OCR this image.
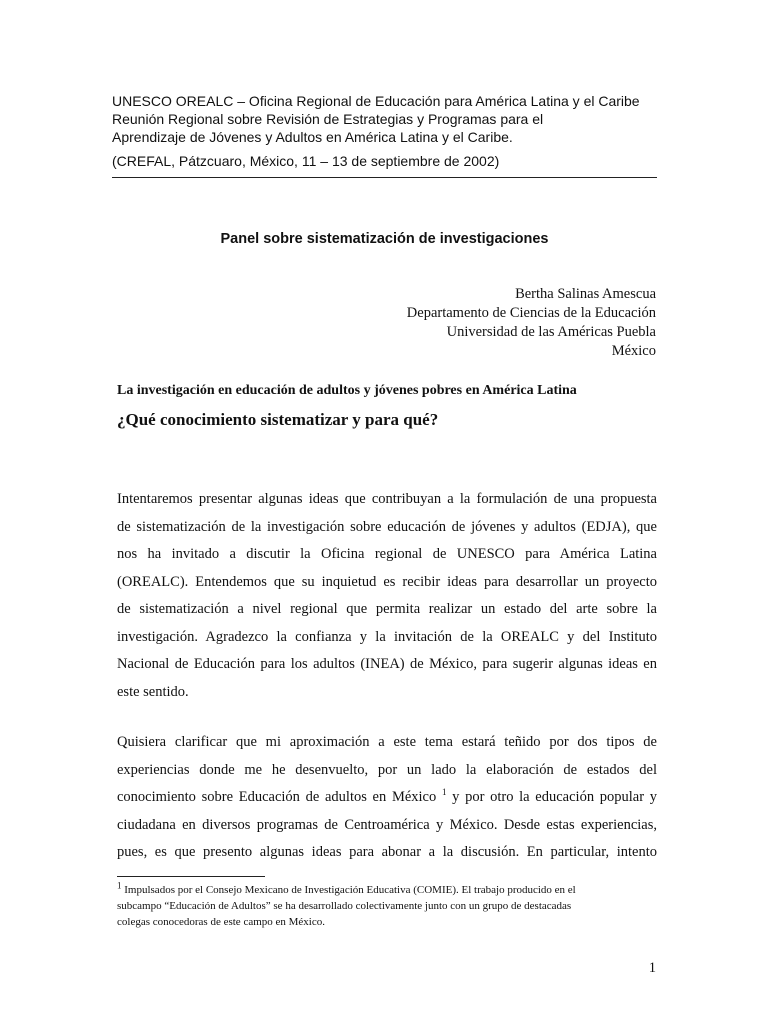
UNESCO OREALC – Oficina Regional de Educación para América Latina y el Caribe
Reunión Regional sobre Revisión de Estrategias y Programas para el
Aprendizaje de Jóvenes y Adultos en América Latina y el Caribe.
(CREFAL, Pátzcuaro, México, 11 – 13 de septiembre de 2002)
Panel sobre sistematización de investigaciones
Bertha Salinas Amescua
Departamento de Ciencias de la Educación
Universidad de las Américas Puebla
México
La investigación en educación de adultos y jóvenes pobres en América Latina
¿Qué conocimiento sistematizar y para qué?
Intentaremos presentar algunas ideas que contribuyan a la formulación de una propuesta
de sistematización de la investigación sobre educación de jóvenes y adultos (EDJA), que
nos ha invitado a discutir la Oficina regional de UNESCO para América Latina
(OREALC). Entendemos que su inquietud es recibir ideas para desarrollar un proyecto
de sistematización a nivel regional que permita realizar un estado del arte sobre la
investigación. Agradezco la confianza y la invitación de la OREALC y del Instituto
Nacional de Educación para los adultos (INEA) de México, para sugerir algunas ideas en
este sentido.
Quisiera clarificar que mi aproximación a este tema estará teñido por dos tipos de
experiencias donde me he desenvuelto, por un lado la elaboración de estados del
conocimiento sobre Educación de adultos en México $^1$ y por otro la educación popular y
ciudadana en diversos programas de Centroamérica y México. Desde estas experiencias,
pues, es que presento algunas ideas para abonar a la discusión. En particular, intento
$^1$ Impulsados por el Consejo Mexicano de Investigación Educativa (COMIE). El trabajo producido en el
subcampo “Educación de Adultos” se ha desarrollado colectivamente junto con un grupo de destacadas
colegas conocedoras de este campo en México.
1
